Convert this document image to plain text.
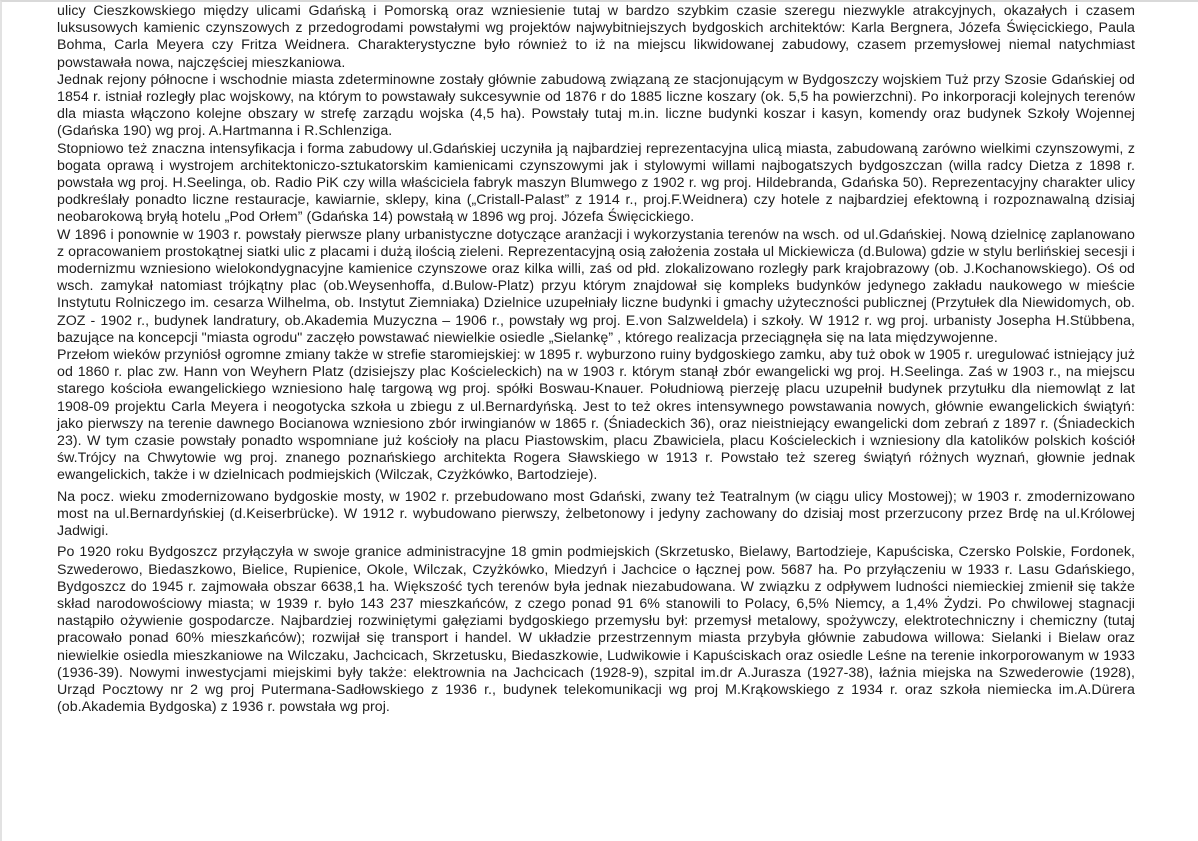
ulicy Cieszkowskiego między ulicami Gdańską i Pomorską oraz wzniesienie tutaj w bardzo szybkim czasie szeregu niezwykle atrakcyjnych, okazałych i czasem luksusowych kamienic czynszowych z przedogrodami powstałymi wg projektów najwybitniejszych bydgoskich architektów: Karla Bergnera, Józefa Święcickiego, Paula Bohma, Carla Meyera czy Fritza Weidnera. Charakterystyczne było również to iż na miejscu likwidowanej zabudowy, czasem przemysłowej niemal natychmiast powstawała nowa, najczęściej mieszkaniowa.

Jednak rejony północne i wschodnie miasta zdeterminowne zostały głównie zabudową związaną ze stacjonującym w Bydgoszczy wojskiem Tuż przy Szosie Gdańskiej od 1854 r. istniał rozległy plac wojskowy, na którym to powstawały sukcesywnie od 1876 r do 1885 liczne koszary (ok. 5,5 ha powierzchni). Po inkorporacji kolejnych terenów dla miasta włączono kolejne obszary w strefę zarządu wojska (4,5 ha). Powstały tutaj m.in. liczne budynki koszar i kasyn, komendy oraz budynek Szkoły Wojennej (Gdańska 190) wg proj. A.Hartmanna i R.Schlenziga.

Stopniowo też znaczna intensyfikacja i forma zabudowy ul.Gdańskiej uczyniła ją najbardziej reprezentacyjna ulicą miasta, zabudowaną zarówno wielkimi czynszowymi, z bogata oprawą i wystrojem architektoniczo-sztukatorskim kamienicami czynszowymi jak i stylowymi willami najbogatszych bydgoszczan (willa radcy Dietza z 1898 r. powstała wg proj. H.Seelinga, ob. Radio PiK czy willa właściciela fabryk maszyn Blumwego z 1902 r. wg proj. Hildebranda, Gdańska 50). Reprezentacyjny charakter ulicy podkreślały ponadto liczne restauracje, kawiarnie, sklepy, kina („Cristall-Palast” z 1914 r., proj.F.Weidnera) czy hotele z najbardziej efektowną i rozpoznawalną dzisiaj neobarokową bryłą hotelu „Pod Orłem” (Gdańska 14) powstałą w 1896 wg proj. Józefa Święcickiego.

W 1896 i ponownie w 1903 r. powstały pierwsze plany urbanistyczne dotyczące aranżacji i wykorzystania terenów na wsch. od ul.Gdańskiej. Nową dzielnicę zaplanowano z opracowaniem prostokątnej siatki ulic z placami i dużą ilością zieleni. Reprezentacyjną osią założenia została ul Mickiewicza (d.Bulowa) gdzie w stylu berlińskiej secesji i modernizmu wzniesiono wielokondygnacyjne kamienice czynszowe oraz kilka willi, zaś od płd. zlokalizowano rozległy park krajobrazowy (ob. J.Kochanowskiego). Oś od wsch. zamykał natomiast trójkątny plac (ob.Weysenhoffa, d.Bulow-Platz) przyu którym znajdował się kompleks budynków jedynego zakładu naukowego w mieście Instytutu Rolniczego im. cesarza Wilhelma, ob. Instytut Ziemniaka) Dzielnice uzupełniały liczne budynki i gmachy użyteczności publicznej (Przytułek dla Niewidomych, ob. ZOZ - 1902 r., budynek landratury, ob.Akademia Muzyczna – 1906 r., powstały wg proj. E.von Salzweldela) i szkoły. W 1912 r. wg proj. urbanisty Josepha H.Stübbena, bazujące na koncepcji "miasta ogrodu" zaczęło powstawać niewielkie osiedle „Sielankę” , którego realizacja przeciągnęła się na lata międzywojenne.

Przełom wieków przyniósł ogromne zmiany także w strefie staromiejskiej: w 1895 r. wyburzono ruiny bydgoskiego zamku, aby tuż obok w 1905 r. uregulować istniejący już od 1860 r. plac zw. Hann von Weyhern Platz (dzisiejszy plac Kościeleckich) na w 1903 r. którym stanął zbór ewangelicki wg proj. H.Seelinga. Zaś w 1903 r., na miejscu starego kościoła ewangelickiego wzniesiono halę targową wg proj. spółki Boswau-Knauer. Południową pierzeję placu uzupełnił budynek przytułku dla niemowląt z lat 1908-09 projektu Carla Meyera i neogotycka szkoła u zbiegu z ul.Bernardyńską. Jest to też okres intensywnego powstawania nowych, głównie ewangelickich świątyń: jako pierwszy na terenie dawnego Bocianowa wzniesiono zbór irwingianów w 1865 r. (Śniadeckich 36), oraz nieistniejący ewangelicki dom zebrań z 1897 r. (Śniadeckich 23). W tym czasie powstały ponadto wspomniane już kościoły na placu Piastowskim, placu Zbawiciela, placu Kościeleckich i wzniesiony dla katolików polskich kościół św.Trójcy na Chwytowie wg proj. znanego poznańskiego architekta Rogera Sławskiego w 1913 r. Powstało też szereg świątyń różnych wyznań, głownie jednak ewangelickich, także i w dzielnicach podmiejskich (Wilczak, Czyżkówko, Bartodzieje).

Na pocz. wieku zmodernizowano bydgoskie mosty, w 1902 r. przebudowano most Gdański, zwany też Teatralnym (w ciągu ulicy Mostowej); w 1903 r. zmodernizowano most na ul.Bernardyńskiej (d.Keiserbrücke). W 1912 r. wybudowano pierwszy, żelbetonowy i jedyny zachowany do dzisiaj most przerzucony przez Brdę na ul.Królowej Jadwigi.

Po 1920 roku Bydgoszcz przyłączyła w swoje granice administracyjne 18 gmin podmiejskich (Skrzetusko, Bielawy, Bartodzieje, Kapuściska, Czersko Polskie, Fordonek, Szwederowo, Biedaszkowo, Bielice, Rupienice, Okole, Wilczak, Czyżkówko, Miedzyń i Jachcice o łącznej pow. 5687 ha. Po przyłączeniu w 1933 r. Lasu Gdańskiego, Bydgoszcz do 1945 r. zajmowała obszar 6638,1 ha. Większość tych terenów była jednak niezabudowana. W związku z odpływem ludności niemieckiej zmienił się także skład narodowościowy miasta; w 1939 r. było 143 237 mieszkańców, z czego ponad 91 6% stanowili to Polacy, 6,5% Niemcy, a 1,4% Żydzi. Po chwilowej stagnacji nastąpiło ożywienie gospodarcze. Najbardziej rozwiniętymi gałęziami bydgoskiego przemysłu był: przemysł metalowy, spożywczy, elektrotechniczny i chemiczny (tutaj pracowało ponad 60% mieszkańców); rozwijał się transport i handel. W układzie przestrzennym miasta przybyła głównie zabudowa willowa: Sielanki i Bielaw oraz niewielkie osiedla mieszkaniowe na Wilczaku, Jachcicach, Skrzetusku, Biedaszkowie, Ludwikowie i Kapuściskach oraz osiedle Leśne na terenie inkorporowanym w 1933 (1936-39). Nowymi inwestycjami miejskimi były także: elektrownia na Jachcicach (1928-9), szpital im.dr A.Jurasza (1927-38), łaźnia miejska na Szwederowie (1928), Urząd Pocztowy nr 2 wg proj Putermana-Sadłowskiego z 1936 r., budynek telekomunikacji wg proj M.Krąkowskiego z 1934 r. oraz szkoła niemiecka im.A.Dürera (ob.Akademia Bydgoska) z 1936 r. powstała wg proj.
